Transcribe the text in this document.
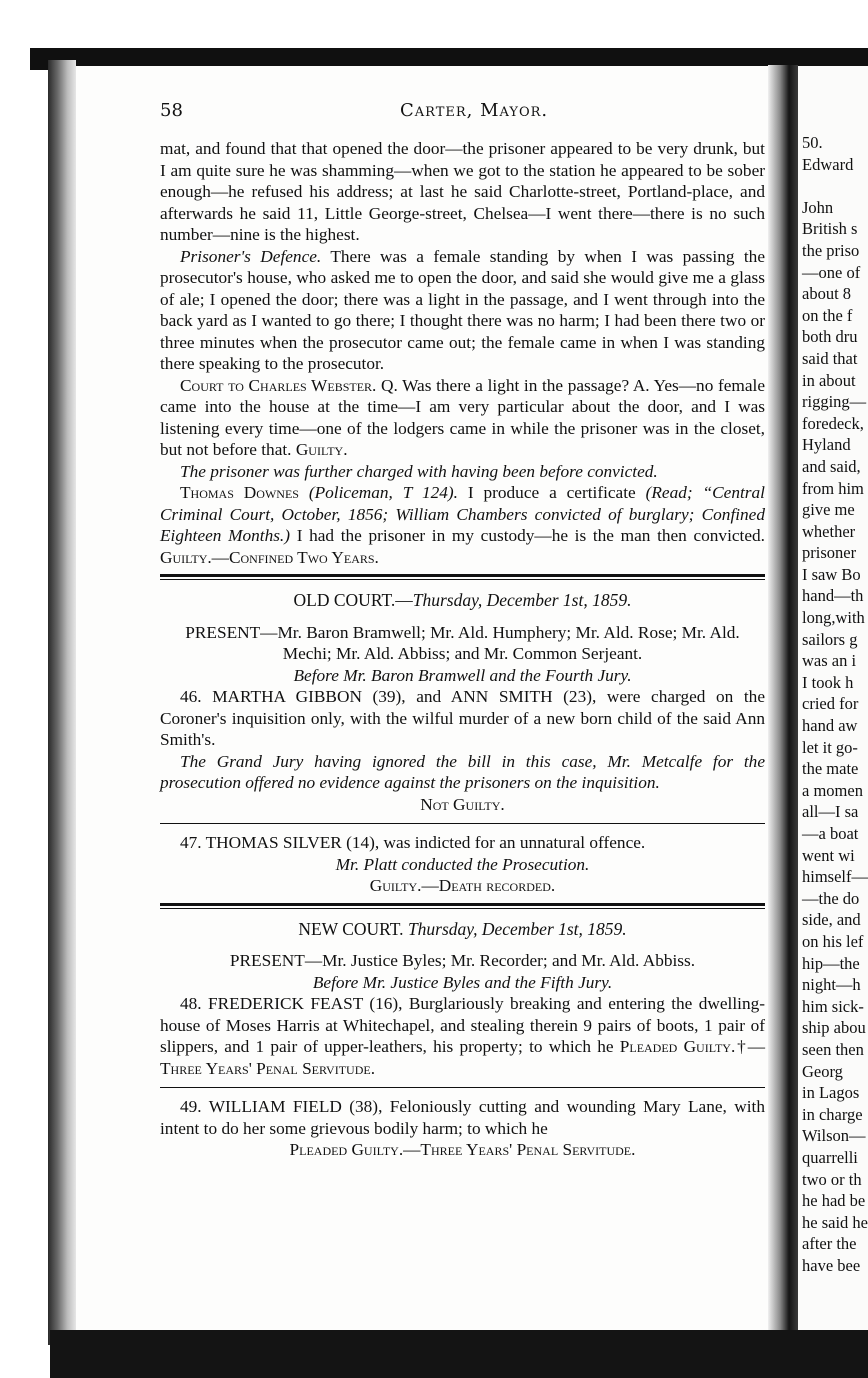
58	Carter, Mayor.

mat, and found that that opened the door—the prisoner appeared to be very drunk, but I am quite sure he was shamming—when we got to the station he appeared to be sober enough—he refused his address; at last he said Charlotte-street, Portland-place, and afterwards he said 11, Little George-street, Chelsea—I went there—there is no such number—nine is the highest.

Prisoner's Defence. There was a female standing by when I was passing the prosecutor's house, who asked me to open the door, and said she would give me a glass of ale; I opened the door; there was a light in the passage, and I went through into the back yard as I wanted to go there; I thought there was no harm; I had been there two or three minutes when the prosecutor came out; the female came in when I was standing there speaking to the prosecutor.

Court to Charles Webster. Q. Was there a light in the passage? A. Yes—no female came into the house at the time—I am very particular about the door, and I was listening every time—one of the lodgers came in while the prisoner was in the closet, but not before that. Guilty.

The prisoner was further charged with having been before convicted.

Thomas Downes (Policeman, T 124). I produce a certificate (Read; “Central Criminal Court, October, 1856; William Chambers convicted of burglary; Confined Eighteen Months.) I had the prisoner in my custody—he is the man then convicted. Guilty.—Confined Two Years.

OLD COURT.—Thursday, December 1st, 1859.

PRESENT—Mr. Baron Bramwell; Mr. Ald. Humphery; Mr. Ald. Rose; Mr. Ald. Mechi; Mr. Ald. Abbiss; and Mr. Common Serjeant.

Before Mr. Baron Bramwell and the Fourth Jury.

46. MARTHA GIBBON (39), and ANN SMITH (23), were charged on the Coroner's inquisition only, with the wilful murder of a new born child of the said Ann Smith's.

The Grand Jury having ignored the bill in this case, Mr. Metcalfe for the prosecution offered no evidence against the prisoners on the inquisition.

Not Guilty.

47. THOMAS SILVER (14), was indicted for an unnatural offence.

Mr. Platt conducted the Prosecution.

Guilty.—Death recorded.

NEW COURT. Thursday, December 1st, 1859.

PRESENT—Mr. Justice Byles; Mr. Recorder; and Mr. Ald. Abbiss.

Before Mr. Justice Byles and the Fifth Jury.

48. FREDERICK FEAST (16), Burglariously breaking and entering the dwelling-house of Moses Harris at Whitechapel, and stealing therein 9 pairs of boots, 1 pair of slippers, and 1 pair of upper-leathers, his property; to which he Pleaded Guilty.†—Three Years' Penal Servitude.

49. WILLIAM FIELD (38), Feloniously cutting and wounding Mary Lane, with intent to do her some grievous bodily harm; to which he

Pleaded Guilty.—Three Years' Penal Servitude.

50.
Edward

John
British s
the priso
—one of
about 8
on the f
both dru
said that
in about
rigging—
foredeck,
Hyland
and said,
from him
give me
whether
prisoner
I saw Bo
hand—th
long,with
sailors g
was an i
I took h
cried for
hand aw
let it go-
the mate
a momen
all—I sa
—a boat
went wi
himself—
—the do
side, and
on his lef
hip—the
night—h
him sick-
ship abou
seen then
Georg
in Lagos
in charge
Wilson—
quarrelli
two or th
he had be
he said he
after the
have bee
